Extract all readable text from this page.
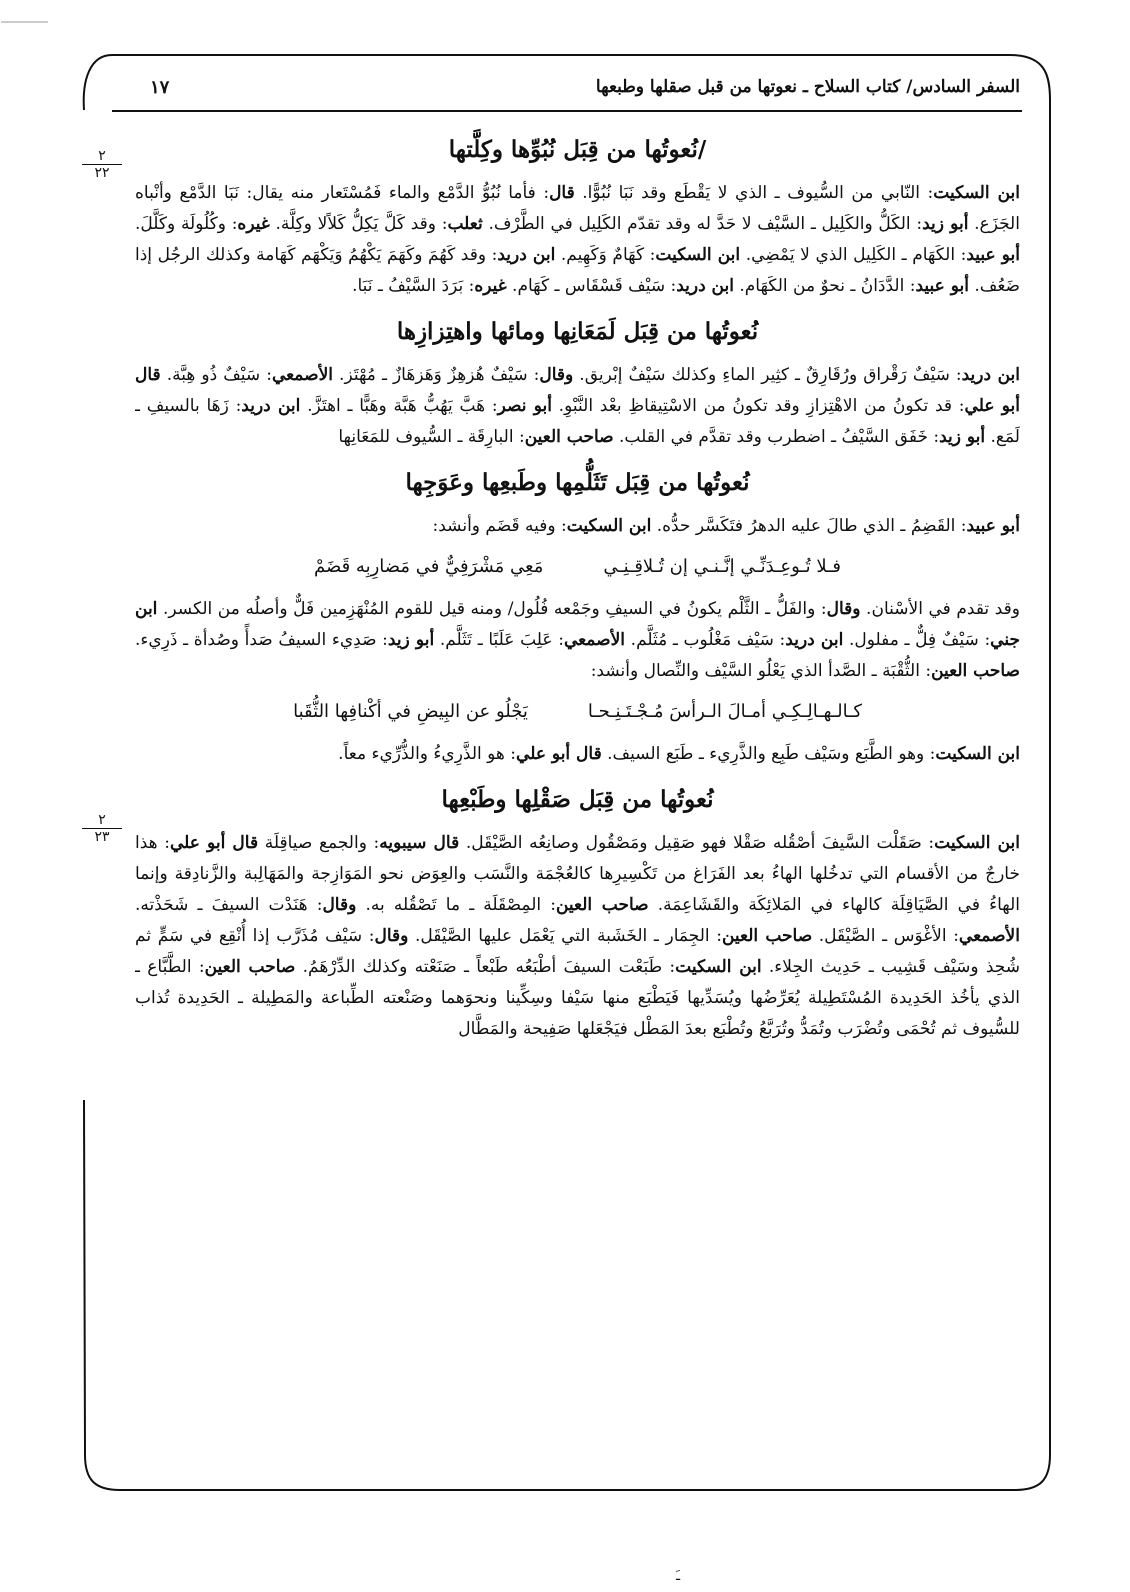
السفر السادس/ كتاب السلاح ـ نعوتها من قبل صقلها وطبعها
١٧
٢
٢٢
٢
٢٣
/نُعوتُها من قِبَل نُبُوِّها وكِلَّتها

ابن السكيت: النّابي من السُّيوف ـ الذي لا يَقْطَع وقد نَبَا نُبُوًّا. قال: فأما نُبُوُّ الدَّمْع والماء فَمُسْتَعار منه يقال: نَبَا الدَّمْع وأنْباه الجَزَع. أبو زيد: الكَلُّ والكَلِيل ـ السَّيْف لا حَدَّ له وقد تقدّم الكَلِيل في الطَّرْف. ثعلب: وقد كَلَّ يَكِلُّ كَلاًلا وكِلَّة. غيره: وكُلُولَة وكَلَّلَ. أبو عبيد: الكَهَام ـ الكَلِيل الذي لا يَمْضِي. ابن السكيت: كَهَامٌ وَكَهِيم. ابن دريد: وقد كَهُمَ وكَهَمَ يَكْهُمُ وَيَكْهَم كَهَامة وكذلك الرجُل إذا ضَعُف. أبو عبيد: الدَّدَانُ ـ نحوٌ من الكَهَام. ابن دريد: سَيْف قَسْقَاس ـ كَهَام. غيره: بَرَدَ السَّيْفُ ـ نَبَا.

نُعوتُها من قِبَل لَمَعَانِها ومائها واهتِزازِها

ابن دريد: سَيْفٌ رَقْراق ورُقَارِقٌ ـ كثِير الماءِ وكذلك سَيْفٌ إبْريق. وقال: سَيْفٌ هُزهِزٌ وَهَزهَازٌ ـ مُهْتَز. الأصمعي: سَيْفٌ ذُو هِبَّة. قال أبو علي: قد تكونُ من الاهْتِزازِ وقد تكونُ من الاسْتِيقاظِ بعْد النَّبْوِ. أبو نصر: هَبَّ يَهُبُّ هَبَّة وهَبًّا ـ اهتَزَّ. ابن دريد: زَهَا بالسيفِ ـ لَمَع. أبو زيد: خَفَق السَّيْفُ ـ اضطرب وقد تقدَّم في القلب. صاحب العين: البارِقَة ـ السُّيوف للمَعَانِها

نُعوتُها من قِبَل تَثَلُّمِها وطَبعِها وعَوَجِها

أبو عبيد: القَضِمُ ـ الذي طالَ عليه الدهرُ فتَكَسَّر حدُّه. ابن السكيت: وفيه قَضَم وأنشد:

فـلا تُـوعِـدَنِّـي إنَّـنـي إن تُـلاقِـنِـي
مَعِي مَشْرَفِيٌّ في مَضارِبِه قَضَمْ

وقد تقدم في الأسْنان. وقال: والفَلُّ ـ الثَّلْم يكونُ في السيفِ وجَمْعه فُلُول/ ومنه قيل للقوم المُنْهَزِمين فَلٌّ وأصلُه من الكسر. ابن جني: سَيْفٌ فِلٌّ ـ مفلول. ابن دريد: سَيْف مَغْلُوب ـ مُثَلَّم. الأصمعي: عَلِبَ عَلَبًا ـ تَثَلَّم. أبو زيد: صَدِيء السيفُ صَدأً وصُدأة ـ ذَرِيء. صاحب العين: الثُّقْبَة ـ الصَّدأ الذي يَعْلُو السَّيْف والنِّصال وأنشد:

كـالـهـالِـكِـي أمـالَ الـرأسَ مُـجْـتَـنِـحـا
يَجْلُو عن البِيضِ في أكْنافِها الثُّقَبا

ابن السكيت: وهو الطَّبَع وسَيْف طَبِع والذَّرِيء ـ طَبَع السيف. قال أبو علي: هو الذَّرِيءُ والذُّرِّيء معاً.

نُعوتُها من قِبَل صَقْلِها وطَبْعِها

ابن السكيت: صَقَلْت السَّيفَ أصْقُله صَقْلا فهو صَقِيل ومَصْقُول وصانِعُه الصَّيْقَل. قال سيبويه: والجمع صياقِلَة قال أبو علي: هذا خارجٌ من الأقسام التي تدخُلها الهاءُ بعد الفَرَاغ من تَكْسِيرِها كالعُجْمَة والنَّسَب والعِوَض نحو المَوَازِجة والمَهَالِبة والزَّنادِقة وإنما الهاءُ في الصَّيَاقِلَة كالهاء في المَلائِكَة والقَشَاعِمَة. صاحب العين: المِصْقَلَة ـ ما تَصْقُله به. وقال: هَنَدْت السيفَ ـ شَحَذْته. الأصمعي: الأغْوَس ـ الصَّيْقَل. صاحب العين: الجِمَار ـ الخَشَبة التي يَعْمَل عليها الصَّيْقَل. وقال: سَيْف مُذَرَّب إذا أُنْقِع في سَمٍّ ثم شُحِذ وسَيْف قَشِيب ـ حَدِيث الجِلاء. ابن السكيت: طَبَعْت السيفَ أطْبَعُه طَبْعاً ـ صَنَعْته وكذلك الدِّرْهَمُ. صاحب العين: الطَّبَّاع ـ الذي يأخُذ الحَدِيدة المُسْتَطِيلة يُعَرِّضُها ويُسَدِّيها فَيَطْبَع منها سَيْفا وسِكِّينا ونحوَهما وصَنْعته الطِّباعة والمَطِيلة ـ الحَدِيدة تُذاب للسُّيوف ثم تُحْمَى وتُضْرَب وتُمَدُّ وتُرَبَّعُ وتُطْبَع بعدَ المَطْل فيَجْعَلها صَفِيحة والمَطَّال

ـَ
